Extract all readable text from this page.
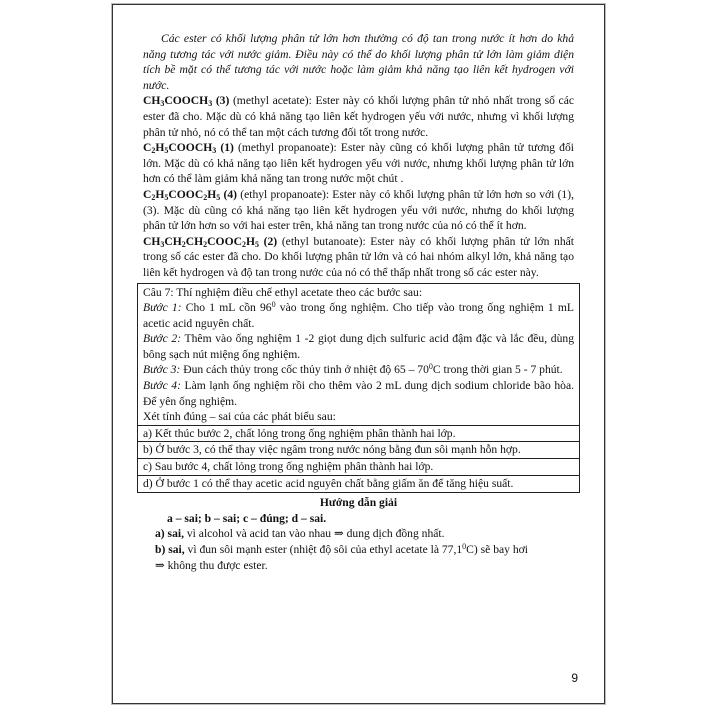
Các ester có khối lượng phân tử lớn hơn thường có độ tan trong nước ít hơn do khả năng tương tác với nước giảm. Điều này có thể do khối lượng phân tử lớn làm giảm diện tích bề mặt có thể tương tác với nước hoặc làm giảm khả năng tạo liên kết hydrogen với nước.

$CH_3COOCH_3$ (3) (methyl acetate): Ester này có khối lượng phân tử nhỏ nhất trong số các ester đã cho. Mặc dù có khả năng tạo liên kết hydrogen yếu với nước, nhưng vì khối lượng phân tử nhỏ, nó có thể tan một cách tương đối tốt trong nước.

$C_2H_5COOCH_3$ (1) (methyl propanoate): Ester này cũng có khối lượng phân tử tương đối lớn. Mặc dù có khả năng tạo liên kết hydrogen yếu với nước, nhưng khối lượng phân tử lớn hơn có thể làm giảm khả năng tan trong nước một chút .

$C_2H_5COOC_2H_5$ (4) (ethyl propanoate): Ester này có khối lượng phân tử lớn hơn so với (1), (3). Mặc dù cũng có khả năng tạo liên kết hydrogen yếu với nước, nhưng do khối lượng phân tử lớn hơn so với hai ester trên, khả năng tan trong nước của nó có thể ít hơn.

$CH_3CH_2CH_2COOC_2H_5$ (2) (ethyl butanoate): Ester này có khối lượng phân tử lớn nhất trong số các ester đã cho. Do khối lượng phân tử lớn và có hai nhóm alkyl lớn, khả năng tạo liên kết hydrogen và độ tan trong nước của nó có thể thấp nhất trong số các ester này.

Câu 7: Thí nghiệm điều chế ethyl acetate theo các bước sau:

Bước 1: Cho 1 mL cồn $96^0$ vào trong ống nghiệm. Cho tiếp vào trong ống nghiệm 1 mL acetic acid nguyên chất.

Bước 2: Thêm vào ống nghiệm 1 -2 giọt dung dịch sulfuric acid đậm đặc và lắc đều, dùng bông sạch nút miệng ống nghiệm.

Bước 3: Đun cách thủy trong cốc thủy tinh ở nhiệt độ $65 - 70^0C$ trong thời gian 5 - 7 phút.

Bước 4: Làm lạnh ống nghiệm rồi cho thêm vào 2 mL dung dịch sodium chloride bão hòa. Để yên ống nghiệm.

Xét tính đúng – sai của các phát biểu sau:

a) Kết thúc bước 2, chất lỏng trong ống nghiệm phân thành hai lớp.

b) Ở bước 3, có thể thay việc ngâm trong nước nóng bằng đun sôi mạnh hỗn hợp.

c) Sau bước 4, chất lỏng trong ống nghiệm phân thành hai lớp.

d) Ở bước 1 có thể thay acetic acid nguyên chất bằng giấm ăn để tăng hiệu suất.

Hướng dẫn giải

a – sai; b – sai; c – đúng; d – sai.

a) sai, vì alcohol và acid tan vào nhau ⇒ dung dịch đồng nhất.

b) sai, vì đun sôi mạnh ester (nhiệt độ sôi của ethyl acetate là 77,1$^0$C) sẽ bay hơi

⇒ không thu được ester.

9
